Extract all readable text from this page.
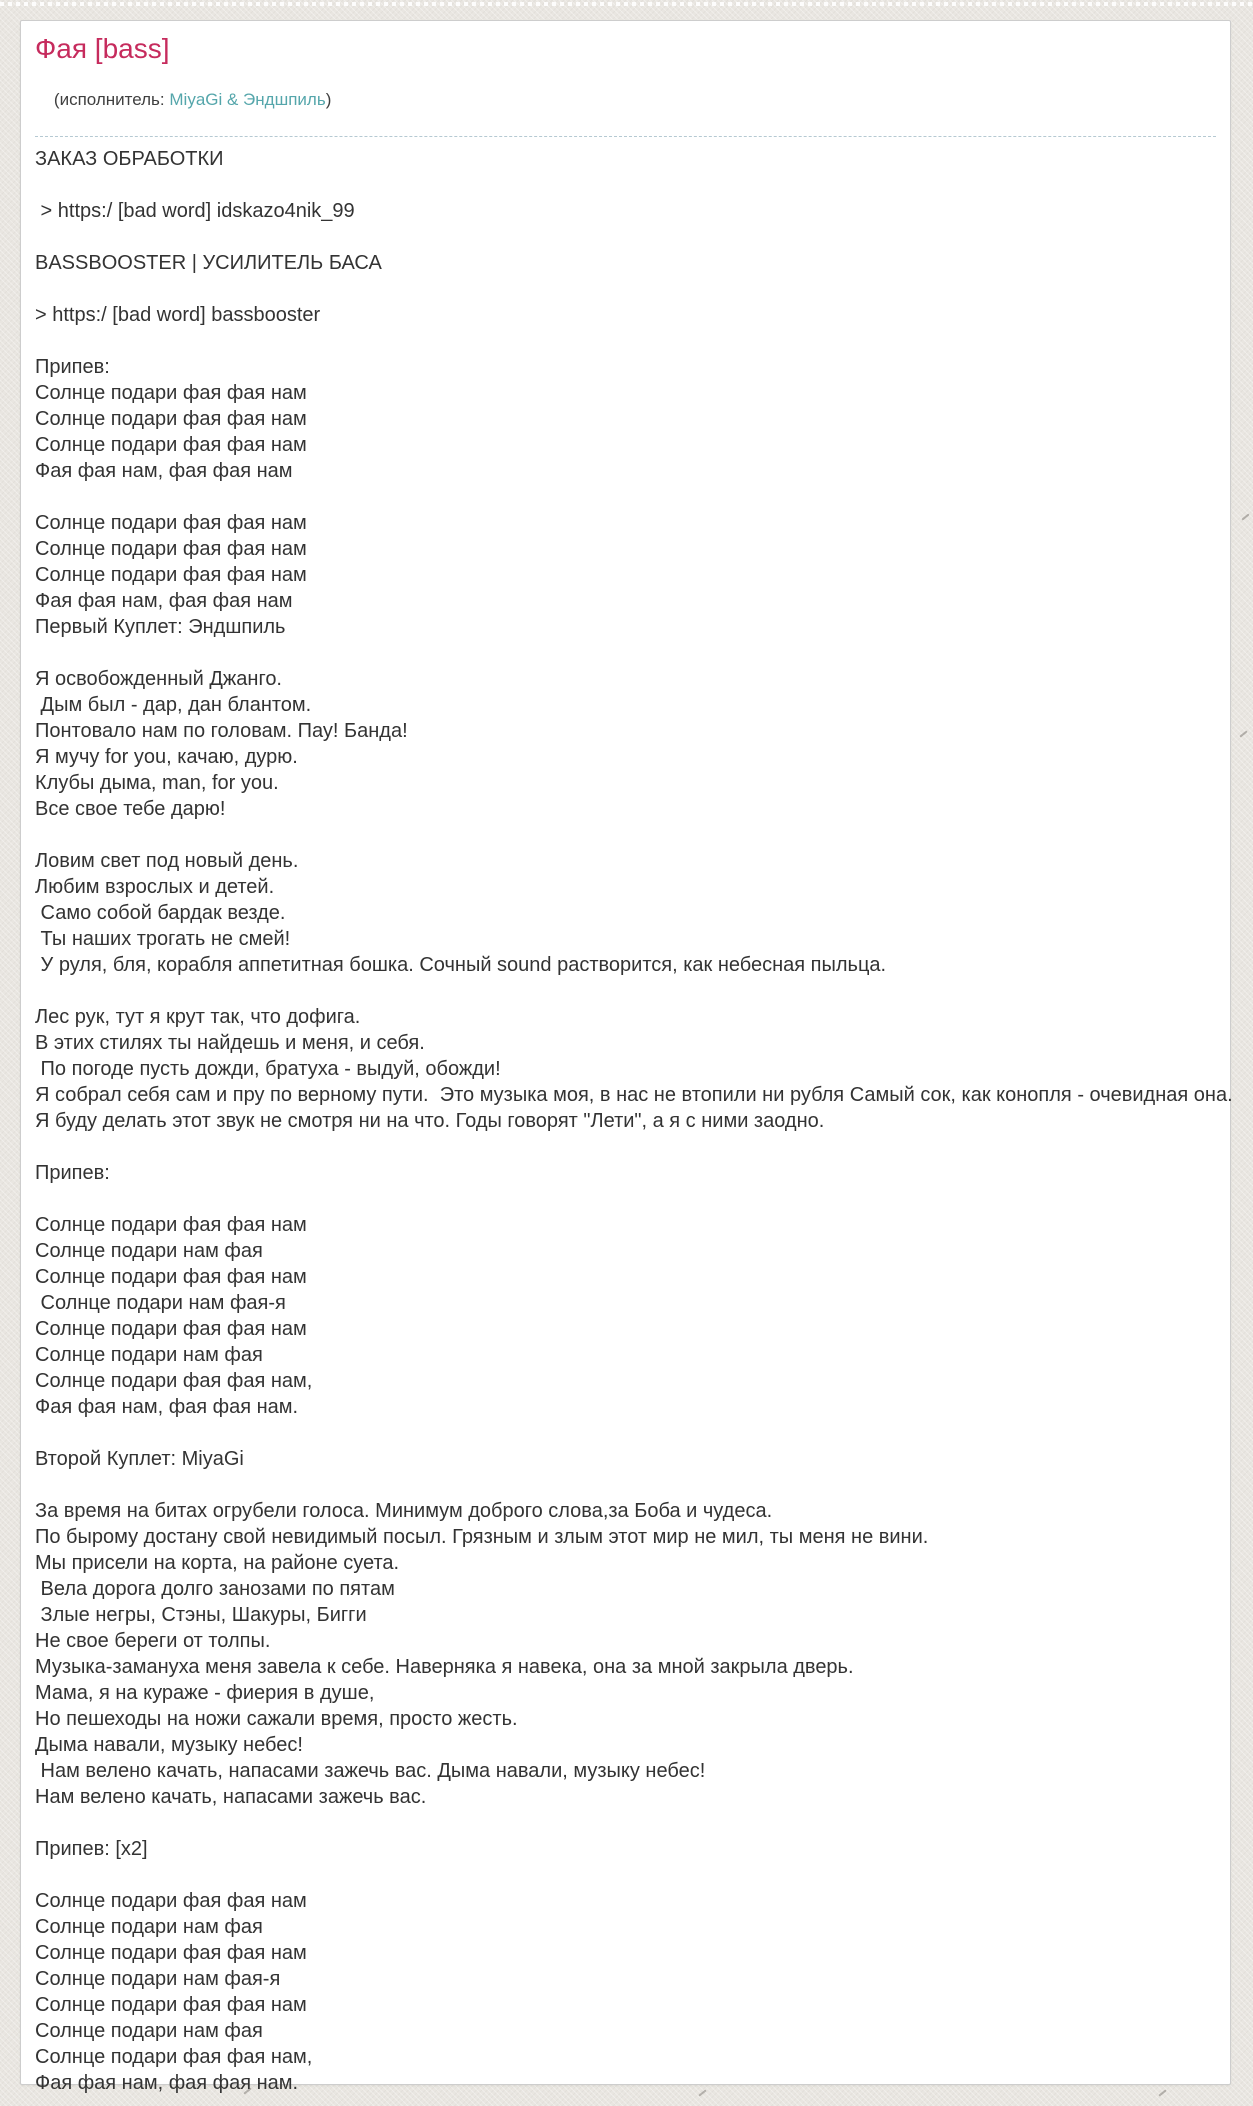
Фая [bass]

(исполнитель: MiyaGi & Эндшпиль)

ЗАКАЗ ОБРАБОТКИ
> https:/ [bad word] idskazo4nik_99
BASSBOOSTER | УСИЛИТЕЛЬ БАСА
> https:/ [bad word] bassbooster
Припев:
Солнце подари фая фая нам
Солнце подари фая фая нам
Солнце подари фая фая нам
Фая фая нам, фая фая нам
Солнце подари фая фая нам
Солнце подари фая фая нам
Солнце подари фая фая нам
Фая фая нам, фая фая нам
Первый Куплет: Эндшпиль
Я освобожденный Джанго.
Дым был - дар, дан блантом.
Понтовало нам по головам. Пау! Банда!
Я мучу for you, качаю, дурю.
Клубы дыма, man, for you.
Все свое тебе дарю!
Ловим свет под новый день.
Любим взрослых и детей.
Само собой бардак везде.
Ты наших трогать не смей!
У руля, бля, корабля аппетитная бошка. Сочный sound растворится, как небесная пыльца.
Лес рук, тут я крут так, что дофига.
В этих стилях ты найдешь и меня, и себя.
По погоде пусть дожди, братуха - выдуй, обожди!
Я собрал себя сам и пру по верному пути.  Это музыка моя, в нас не втопили ни рубля Самый сок, как конопля - очевидная она.
Я буду делать этот звук не смотря ни на что. Годы говорят "Лети", а я с ними заодно.
Припев:
Солнце подари фая фая нам
Солнце подари нам фая
Солнце подари фая фая нам
Солнце подари нам фая-я
Солнце подари фая фая нам
Солнце подари нам фая
Солнце подари фая фая нам,
Фая фая нам, фая фая нам.
Второй Куплет: MiyaGi
За время на битах огрубели голоса. Минимум доброго слова,за Боба и чудеса.
По бырому достану свой невидимый посыл. Грязным и злым этот мир не мил, ты меня не вини.
Мы присели на корта, на районе суета.
Вела дорога долго занозами по пятам
Злые негры, Стэны, Шакуры, Бигги
Не свое береги от толпы.
Музыка-замануха меня завела к себе. Наверняка я навека, она за мной закрыла дверь.
Мама, я на кураже - фиерия в душе,
Но пешеходы на ножи сажали время, просто жесть.
Дыма навали, музыку небес!
Нам велено качать, напасами зажечь вас. Дыма навали, музыку небес!
Нам велено качать, напасами зажечь вас.
Припев: [x2]
Солнце подари фая фая нам
Солнце подари нам фая
Солнце подари фая фая нам
Солнце подари нам фая-я
Солнце подари фая фая нам
Солнце подари нам фая
Солнце подари фая фая нам,
Фая фая нам, фая фая нам.
